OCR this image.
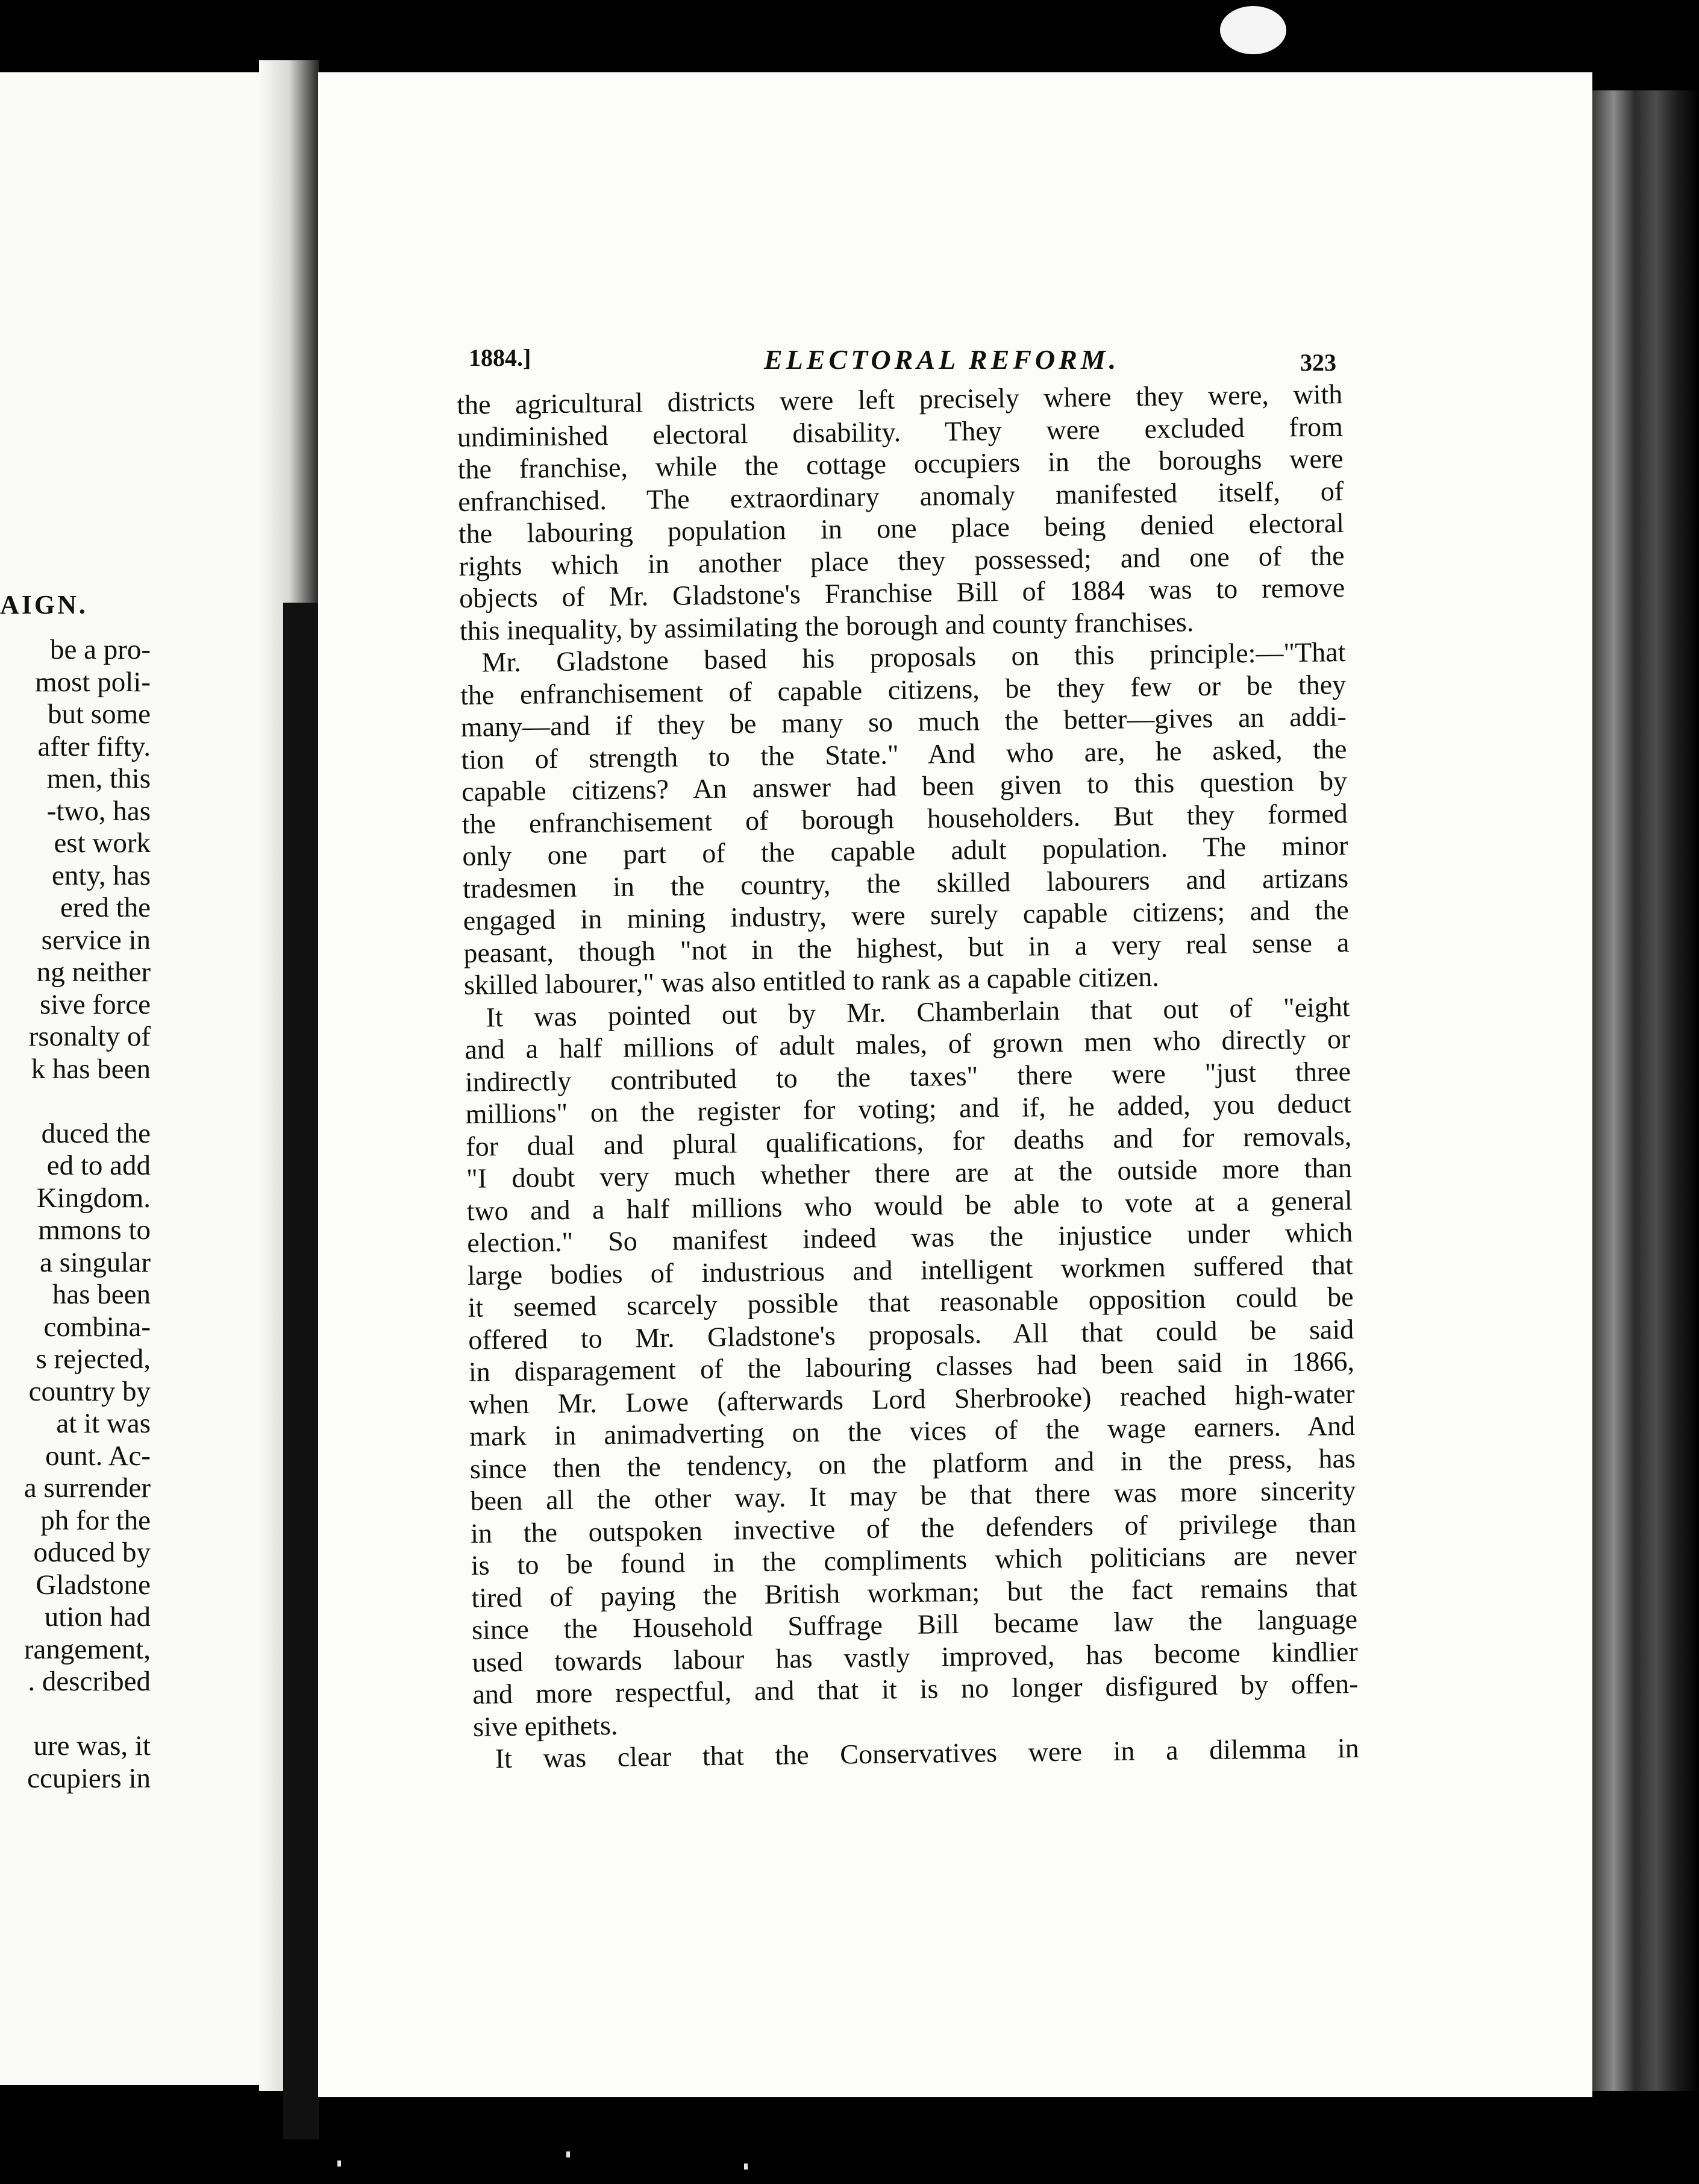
AIGN.
be a pro-
most poli-
but some
after fifty.
men, this
-two, has
est work
enty, has
ered the
service in
ng neither
sive force
rsonalty of
k has been
duced the
ed to add
Kingdom.
mmons to
a singular
has been
combina-
s rejected,
country by
at it was
ount. Ac-
a surrender
ph for the
oduced by
Gladstone
ution had
rangement,
. described
ure was, it
ccupiers in
1884.]	ELECTORAL REFORM.	323
the agricultural districts were left precisely where they were, with
undiminished electoral disability. They were excluded from
the franchise, while the cottage occupiers in the boroughs were
enfranchised. The extraordinary anomaly manifested itself, of
the labouring population in one place being denied electoral
rights which in another place they possessed; and one of the
objects of Mr. Gladstone's Franchise Bill of 1884 was to remove
this inequality, by assimilating the borough and county franchises.
Mr. Gladstone based his proposals on this principle:—"That
the enfranchisement of capable citizens, be they few or be they
many—and if they be many so much the better—gives an addi-
tion of strength to the State." And who are, he asked, the
capable citizens? An answer had been given to this question by
the enfranchisement of borough householders. But they formed
only one part of the capable adult population. The minor
tradesmen in the country, the skilled labourers and artizans
engaged in mining industry, were surely capable citizens; and the
peasant, though "not in the highest, but in a very real sense a
skilled labourer," was also entitled to rank as a capable citizen.
It was pointed out by Mr. Chamberlain that out of "eight
and a half millions of adult males, of grown men who directly or
indirectly contributed to the taxes" there were "just three
millions" on the register for voting; and if, he added, you deduct
for dual and plural qualifications, for deaths and for removals,
"I doubt very much whether there are at the outside more than
two and a half millions who would be able to vote at a general
election." So manifest indeed was the injustice under which
large bodies of industrious and intelligent workmen suffered that
it seemed scarcely possible that reasonable opposition could be
offered to Mr. Gladstone's proposals. All that could be said
in disparagement of the labouring classes had been said in 1866,
when Mr. Lowe (afterwards Lord Sherbrooke) reached high-water
mark in animadverting on the vices of the wage earners. And
since then the tendency, on the platform and in the press, has
been all the other way. It may be that there was more sincerity
in the outspoken invective of the defenders of privilege than
is to be found in the compliments which politicians are never
tired of paying the British workman; but the fact remains that
since the Household Suffrage Bill became law the language
used towards labour has vastly improved, has become kindlier
and more respectful, and that it is no longer disfigured by offen-
sive epithets.
It was clear that the Conservatives were in a dilemma in
